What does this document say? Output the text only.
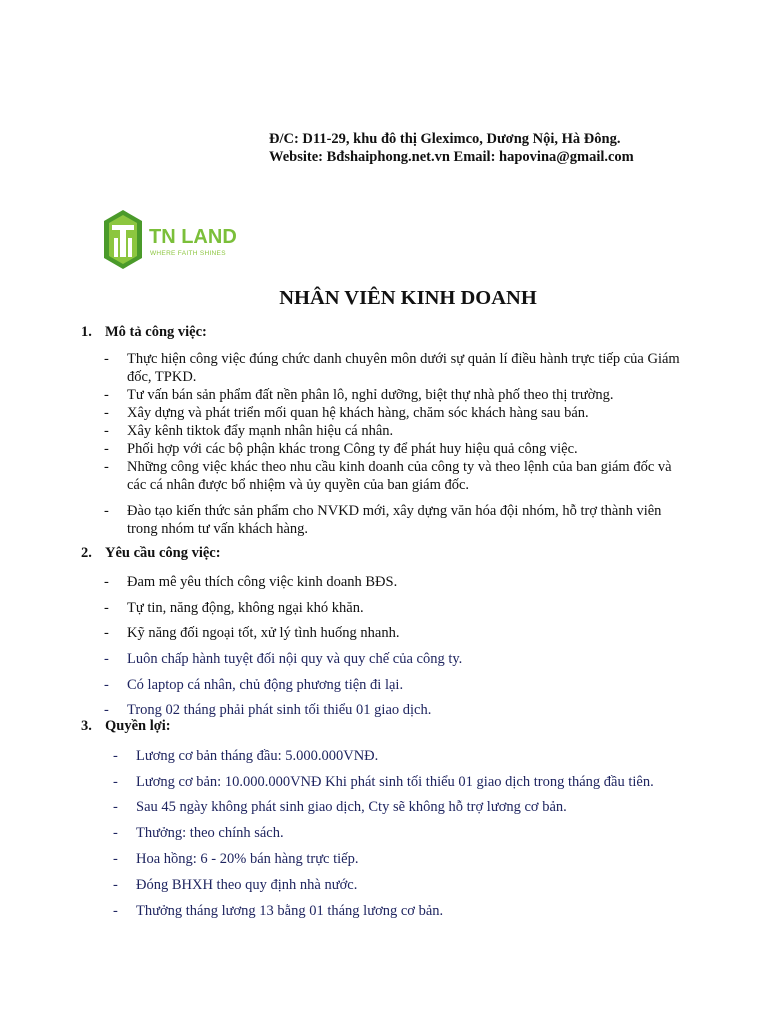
Đ/C: D11-29, khu đô thị Gleximco, Dương Nội, Hà Đông.
Website: Bđshaiphong.net.vn Email: hapovina@gmail.com
TN LAND
WHERE FAITH SHINES
NHÂN VIÊN KINH DOANH
1. Mô tả công việc:
- Thực hiện công việc đúng chức danh chuyên môn dưới sự quản lí điều hành trực tiếp của Giám đốc, TPKD.
- Tư vấn bán sản phẩm đất nền phân lô, nghỉ dưỡng, biệt thự nhà phố theo thị trường.
- Xây dựng và phát triển mối quan hệ khách hàng, chăm sóc khách hàng sau bán.
- Xây kênh tiktok đẩy mạnh nhân hiệu cá nhân.
- Phối hợp với các bộ phận khác trong Công ty để phát huy hiệu quả công việc.
- Những công việc khác theo nhu cầu kinh doanh của công ty và theo lệnh của ban giám đốc và các cá nhân được bổ nhiệm và ủy quyền của ban giám đốc.
- Đào tạo kiến thức sản phẩm cho NVKD mới, xây dựng văn hóa đội nhóm, hỗ trợ thành viên trong nhóm tư vấn khách hàng.
2. Yêu cầu công việc:
- Đam mê yêu thích công việc kinh doanh BĐS.
- Tự tin, năng động, không ngại khó khăn.
- Kỹ năng đối ngoại tốt, xử lý tình huống nhanh.
- Luôn chấp hành tuyệt đối nội quy và quy chế của công ty.
- Có laptop cá nhân, chủ động phương tiện đi lại.
- Trong 02 tháng phải phát sinh tối thiểu 01 giao dịch.
3. Quyền lợi:
- Lương cơ bản tháng đầu: 5.000.000VNĐ.
- Lương cơ bản: 10.000.000VNĐ Khi phát sinh tối thiểu 01 giao dịch trong tháng đầu tiên.
- Sau 45 ngày không phát sinh giao dịch, Cty sẽ không hỗ trợ lương cơ bản.
- Thưởng: theo chính sách.
- Hoa hồng: 6 - 20% bán hàng trực tiếp.
- Đóng BHXH theo quy định nhà nước.
- Thưởng tháng lương 13 bằng 01 tháng lương cơ bản.
